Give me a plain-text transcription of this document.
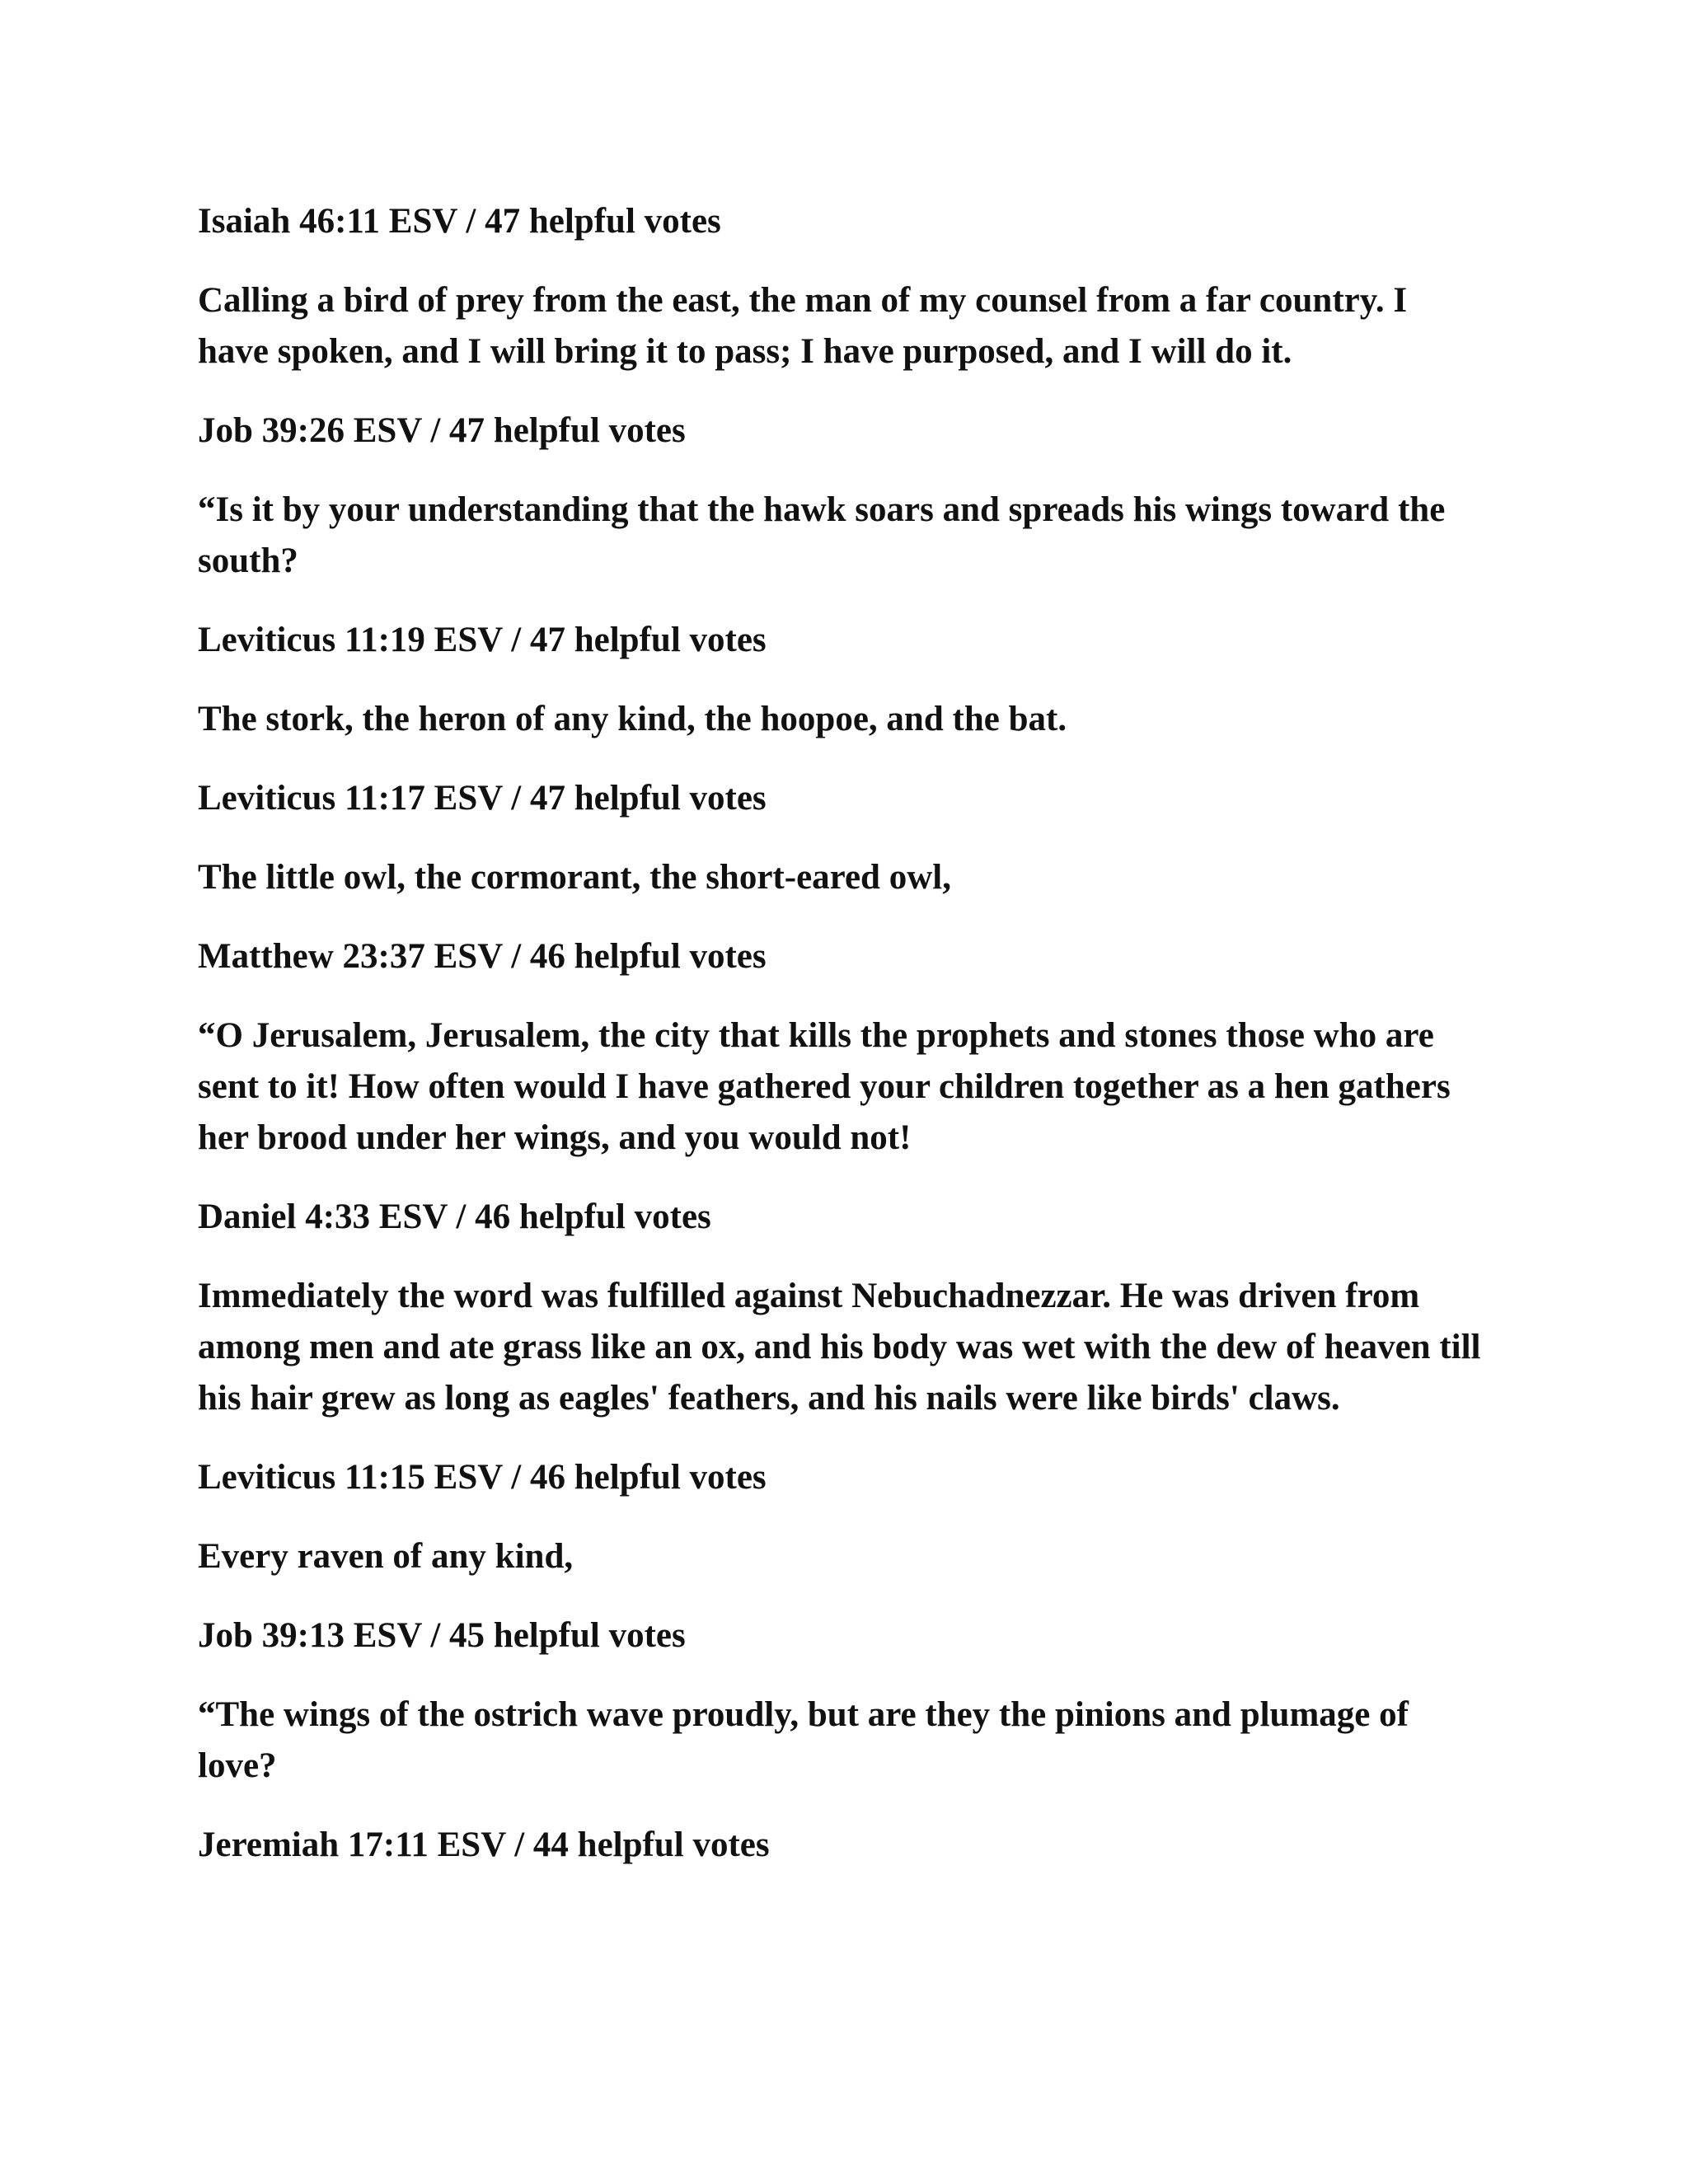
Isaiah 46:11 ESV / 47 helpful votes

Calling a bird of prey from the east, the man of my counsel from a far country. I have spoken, and I will bring it to pass; I have purposed, and I will do it.

Job 39:26 ESV / 47 helpful votes

“Is it by your understanding that the hawk soars and spreads his wings toward the south?

Leviticus 11:19 ESV / 47 helpful votes

The stork, the heron of any kind, the hoopoe, and the bat.

Leviticus 11:17 ESV / 47 helpful votes

The little owl, the cormorant, the short-eared owl,

Matthew 23:37 ESV / 46 helpful votes

“O Jerusalem, Jerusalem, the city that kills the prophets and stones those who are sent to it! How often would I have gathered your children together as a hen gathers her brood under her wings, and you would not!

Daniel 4:33 ESV / 46 helpful votes

Immediately the word was fulfilled against Nebuchadnezzar. He was driven from among men and ate grass like an ox, and his body was wet with the dew of heaven till his hair grew as long as eagles' feathers, and his nails were like birds' claws.

Leviticus 11:15 ESV / 46 helpful votes

Every raven of any kind,

Job 39:13 ESV / 45 helpful votes

“The wings of the ostrich wave proudly, but are they the pinions and plumage of love?

Jeremiah 17:11 ESV / 44 helpful votes
